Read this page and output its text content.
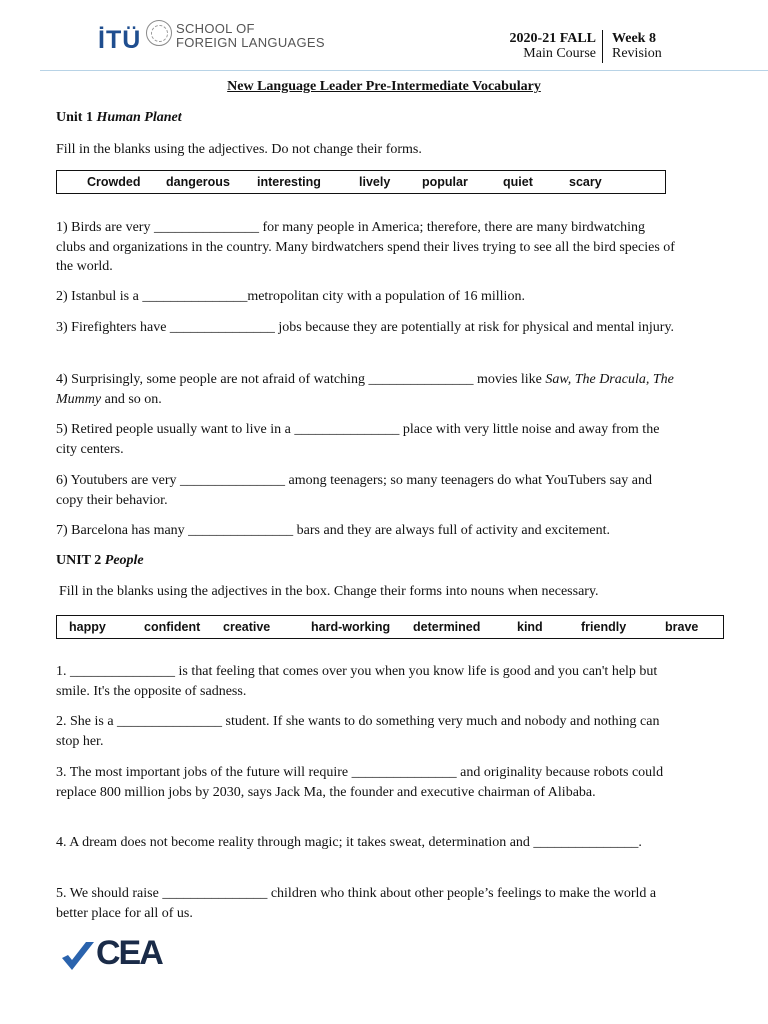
İTÜ	SCHOOL OF
FOREIGN LANGUAGES	2020-21 FALL
Main Course
Week 8
Revision
New Language Leader Pre-Intermediate Vocabulary
Unit 1 Human Planet
Fill in the blanks using the adjectives. Do not change their forms.
Crowded dangerous interesting	lively	popular	quiet	scary
1) Birds are very _______________ for many people in America; therefore, there are many birdwatching clubs and organizations in the country. Many birdwatchers spend their lives trying to see all the bird species of the world.
2) Istanbul is a _______________metropolitan city with a population of 16 million.
3) Firefighters have _______________ jobs because they are potentially at risk for physical and mental injury.
4) Surprisingly, some people are not afraid of watching _______________ movies like Saw, The Dracula, The Mummy and so on.
5) Retired people usually want to live in a _______________ place with very little noise and away from the city centers.
6) Youtubers are very _______________ among teenagers; so many teenagers do what YouTubers say and copy their behavior.
7) Barcelona has many _______________ bars and they are always full of activity and excitement.
UNIT 2 People
Fill in the blanks using the adjectives in the box. Change their forms into nouns when necessary.
happy	confident creative	hard-working determined	kind	friendly	brave
1. _______________ is that feeling that comes over you when you know life is good and you can't help but smile. It's the opposite of sadness.
2. She is a _______________ student. If she wants to do something very much and nobody and nothing can stop her.
3. The most important jobs of the future will require _______________ and originality because robots could replace 800 million jobs by 2030, says Jack Ma, the founder and executive chairman of Alibaba.
4. A dream does not become reality through magic; it takes sweat, determination and _______________.
5. We should raise _______________ children who think about other people’s feelings to make the world a better place for all of us.
CEA
